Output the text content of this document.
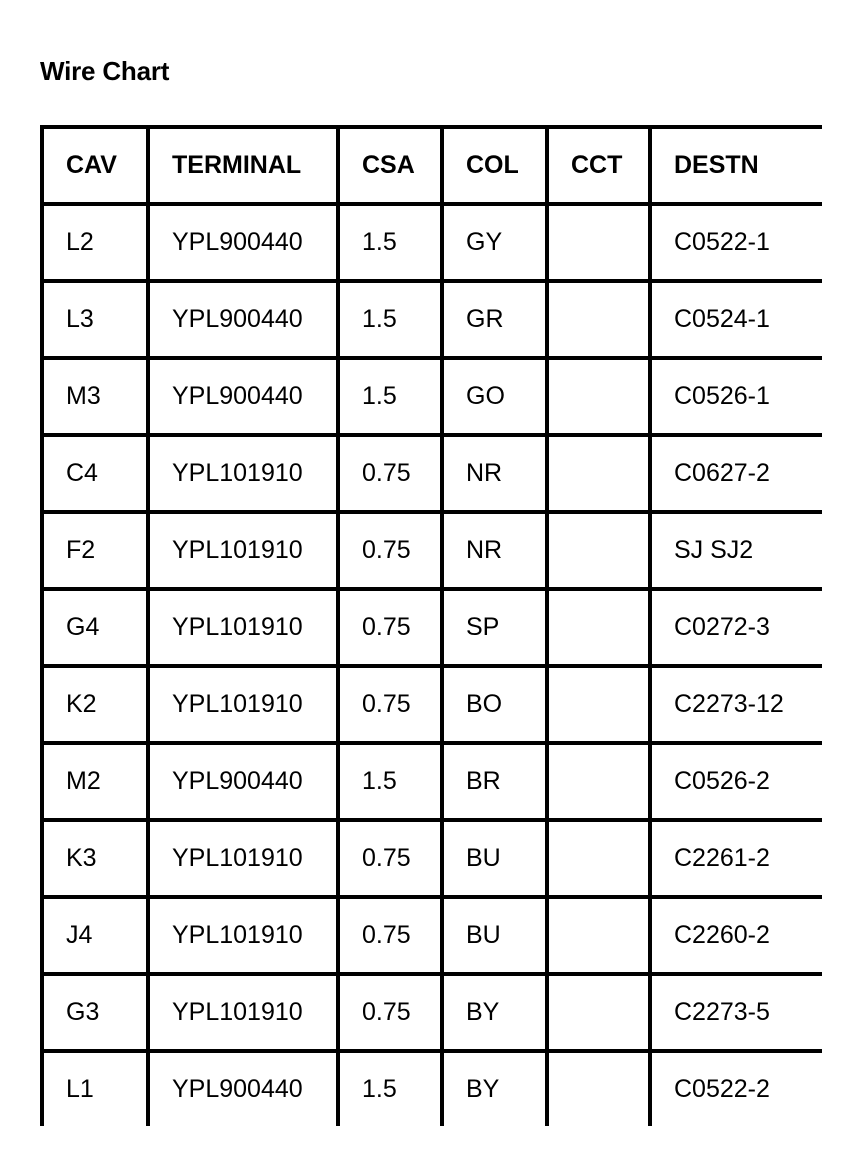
Wire Chart
CAV	TERMINAL	CSA	COL	CCT	DESTN
L2	YPL900440	1.5	GY		C0522-1
L3	YPL900440	1.5	GR		C0524-1
M3	YPL900440	1.5	GO		C0526-1
C4	YPL101910	0.75	NR		C0627-2
F2	YPL101910	0.75	NR		SJ SJ2
G4	YPL101910	0.75	SP		C0272-3
K2	YPL101910	0.75	BO		C2273-12
M2	YPL900440	1.5	BR		C0526-2
K3	YPL101910	0.75	BU		C2261-2
J4	YPL101910	0.75	BU		C2260-2
G3	YPL101910	0.75	BY		C2273-5
L1	YPL900440	1.5	BY		C0522-2
